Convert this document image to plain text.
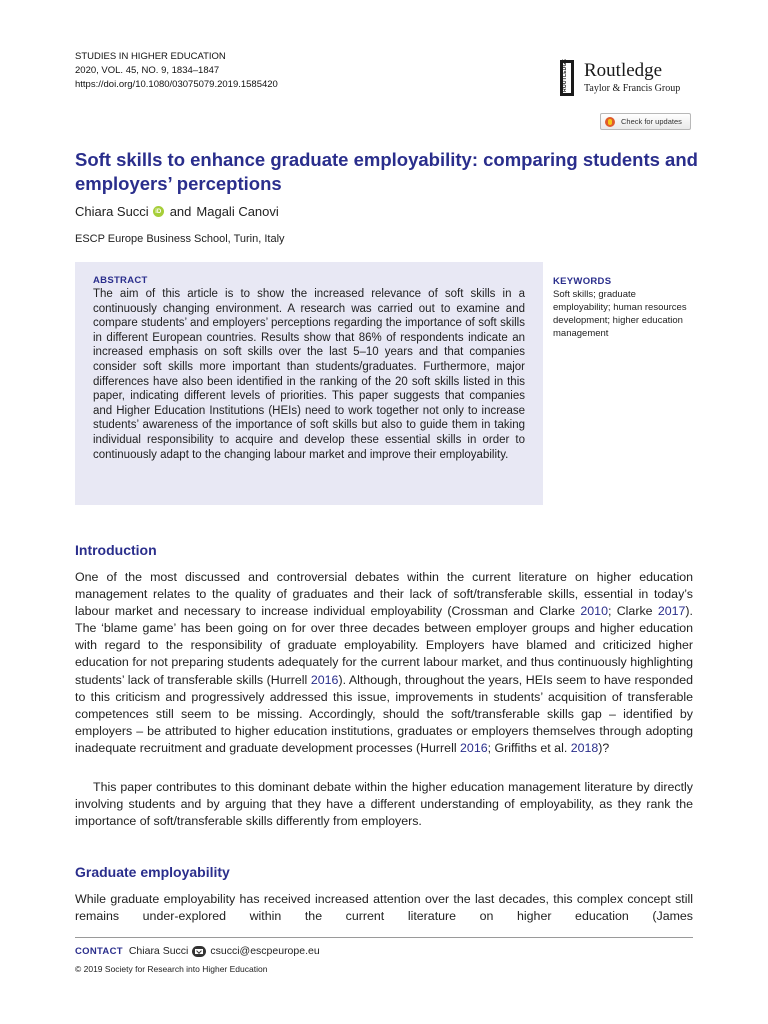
STUDIES IN HIGHER EDUCATION
2020, VOL. 45, NO. 9, 1834–1847
https://doi.org/10.1080/03075079.2019.1585420	ROUTLEDGE Routledge
Taylor & Francis Group
Check for updates
Soft skills to enhance graduate employability: comparing students and employers’ perceptions
Chiara Succi	iD and Magali Canovi
ESCP Europe Business School, Turin, Italy
ABSTRACT
The aim of this article is to show the increased relevance of soft skills in a continuously changing environment. A research was carried out to examine and compare students’ and employers’ perceptions regarding the importance of soft skills in different European countries. Results show that 86% of respondents indicate an increased emphasis on soft skills over the last 5–10 years and that companies consider soft skills more important than students/graduates. Furthermore, major differences have also been identified in the ranking of the 20 soft skills listed in this paper, indicating different levels of priorities. This paper suggests that companies and Higher Education Institutions (HEIs) need to work together not only to increase students’ awareness of the importance of soft skills but also to guide them in taking individual responsibility to acquire and develop these essential skills in order to continuously adapt to the changing labour market and improve their employability.
KEYWORDS
Soft skills; graduate employability; human resources development; higher education management
Introduction
One of the most discussed and controversial debates within the current literature on higher education management relates to the quality of graduates and their lack of soft/transferable skills, essential in today’s labour market and necessary to increase individual employability (Crossman and Clarke 2010; Clarke 2017). The ‘blame game’ has been going on for over three decades between employer groups and higher education with regard to the responsibility of graduate employability. Employers have blamed and criticized higher education for not preparing students adequately for the current labour market, and thus continuously highlighting students’ lack of transferable skills (Hurrell 2016). Although, throughout the years, HEIs seem to have responded to this criticism and progressively addressed this issue, improvements in students’ acquisition of transferable competences still seem to be missing. Accordingly, should the soft/transferable skills gap – identified by employers – be attributed to higher education institutions, graduates or employers themselves through adopting inadequate recruitment and graduate development processes (Hurrell 2016; Griffiths et al. 2018)?
This paper contributes to this dominant debate within the higher education management literature by directly involving students and by arguing that they have a different understanding of employability, as they rank the importance of soft/transferable skills differently from employers.
Graduate employability
While graduate employability has received increased attention over the last decades, this complex concept still remains under-explored within the current literature on higher education (James
CONTACT Chiara Succi csucci@escpeurope.eu
© 2019 Society for Research into Higher Education
